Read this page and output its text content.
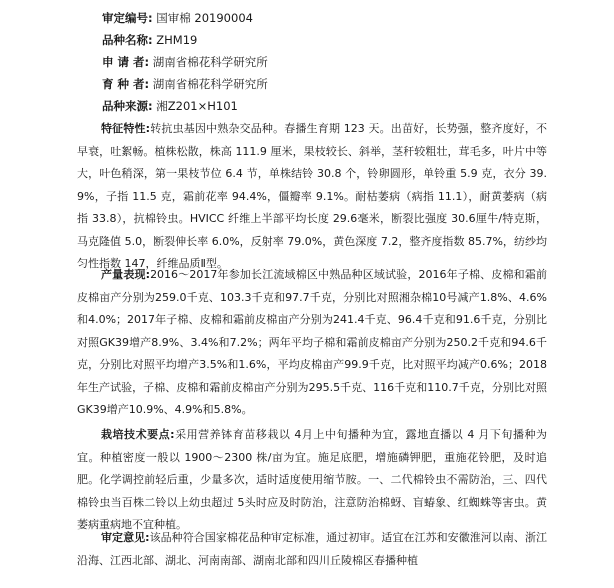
审定编号: 国审棉 20190004
品种名称: ZHM19
申 请 者: 湖南省棉花科学研究所
育 种 者: 湖南省棉花科学研究所
品种来源: 湘Z201×H101

特征特性:转抗虫基因中熟杂交品种。春播生育期 123 天。出苗好，长势强，整齐度好，不早衰，吐絮畅。植株松散，株高 111.9 厘米，果枝较长、斜举，茎秆较粗壮，茸毛多，叶片中等大，叶色稍深，第一果枝节位 6.4 节，单株结铃 30.8 个，铃卵圆形，单铃重 5.9 克，衣分 39.9%，子指 11.5 克，霜前花率 94.4%，僵瓣率 9.1%。耐枯萎病（病指 11.1），耐黄萎病（病指 33.8），抗棉铃虫。HVICC 纤维上半部平均长度 29.6毫米，断裂比强度 30.6厘牛/特克斯，马克隆值 5.0，断裂伸长率 6.0%，反射率 79.0%，黄色深度 7.2，整齐度指数 85.7%，纺纱均匀性指数 147，纤维品质Ⅱ型。

产量表现:2016～2017年参加长江流域棉区中熟品种区域试验，2016年子棉、皮棉和霜前皮棉亩产分别为259.0千克、103.3千克和97.7千克，分别比对照湘杂棉10号减产1.8%、4.6%和4.0%；2017年子棉、皮棉和霜前皮棉亩产分别为241.4千克、96.4千克和91.6千克，分别比对照GK39增产8.9%、3.4%和7.2%；两年平均子棉和霜前皮棉亩产分别为250.2千克和94.6千克，分别比对照平均增产3.5%和1.6%，平均皮棉亩产99.9千克，比对照平均减产0.6%；2018年生产试验，子棉、皮棉和霜前皮棉亩产分别为295.5千克、116千克和110.7千克，分别比对照GK39增产10.9%、4.9%和5.8%。

栽培技术要点:采用营养钵育苗移栽以 4月上中旬播种为宜，露地直播以 4 月下旬播种为宜。种植密度一般以 1900～2300 株/亩为宜。施足底肥，增施磷钾肥，重施花铃肥，及时追肥。化学调控前轻后重，少量多次，适时适度使用缩节胺。一、二代棉铃虫不需防治，三、四代棉铃虫当百株二铃以上幼虫超过 5头时应及时防治，注意防治棉蚜、盲蝽象、红蜘蛛等害虫。黄萎病重病地不宜种植。

审定意见:该品种符合国家棉花品种审定标准，通过初审。适宜在江苏和安徽淮河以南、浙江沿海、江西北部、湖北、河南南部、湖南北部和四川丘陵棉区春播种植
